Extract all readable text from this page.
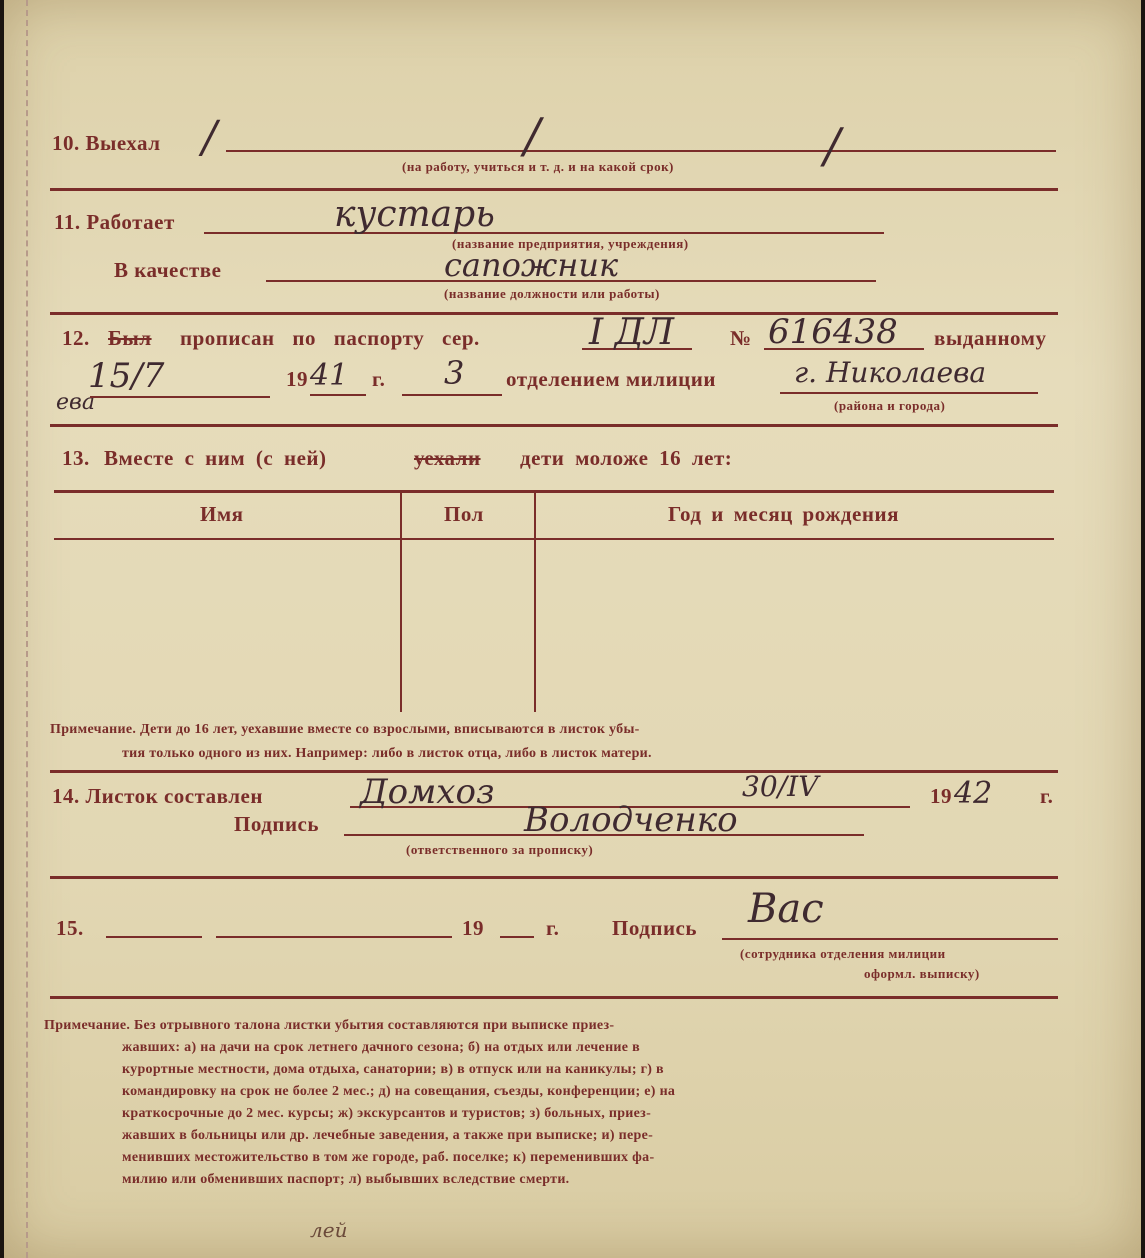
10. Выехал /	/	/
(на работу, учиться и т. д. и на какой срок)
11. Работает	кустарь
(название предприятия, учреждения)
В качестве	сапожник
(название должности или работы)
12. Был прописан по паспорту сер.	I ДЛ	№ 616438 выданному
ева
15/7	19 41 г. 3 отделением милиции	г. Николаева
(района и города)
13. Вместе с ним (с ней)	уехали дети моложе 16 лет:
Имя	Пол	Год и месяц рождения
Примечание. Дети до 16 лет, уехавшие вместе со взрослыми, вписываются в листок убы-
тия только одного из них. Например: либо в листок отца, либо в листок матери.
14. Листок составлен	Домхоз	30/IV	19 42 г.
Подпись	Володченко
(ответственного за прописку)
15.	19	г.	Подпись Вас
(сотрудника отделения милиции
оформл. выписку)
Примечание. Без отрывного талона листки убытия составляются при выписке приез-
жавших: а) на дачи на срок летнего дачного сезона; б) на отдых или лечение в
курортные местности, дома отдыха, санатории; в) в отпуск или на каникулы; г) в
командировку на срок не более 2 мес.; д) на совещания, съезды, конференции; е) на
краткосрочные до 2 мес. курсы; ж) экскурсантов и туристов; з) больных, приез-
жавших в больницы или др. лечебные заведения, а также при выписке; и) пере-
менивших местожительство в том же городе, раб. поселке; к) переменивших фа-
милию или обменивших паспорт; л) выбывших вследствие смерти.
лей
